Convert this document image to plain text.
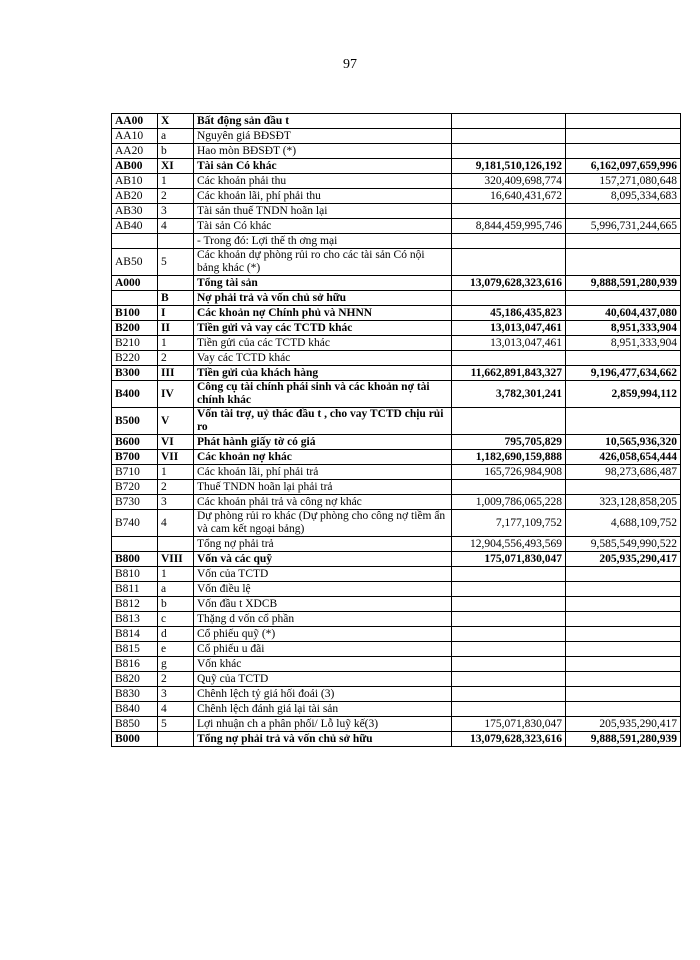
97
AA00	X	Bất động sản đầu t		
AA10	a	Nguyên giá BĐSĐT		
AA20	b	Hao mòn BĐSĐT (*)		
AB00	XI	Tài sản Có khác	9,181,510,126,192	6,162,097,659,996
AB10	1	Các khoản phải thu	320,409,698,774	157,271,080,648
AB20	2	Các khoản lãi, phí phải thu	16,640,431,672	8,095,334,683
AB30	3	Tài sản thuế TNDN hoãn lại		
AB40	4	Tài sản Có khác	8,844,459,995,746	5,996,731,244,665
		- Trong đó: Lợi thế th ơng mại		
AB50	5	Các khoản dự phòng rủi ro cho các tài sản Có nội bảng khác (*)		
A000		Tổng tài sản	13,079,628,323,616	9,888,591,280,939
	B	Nợ phải trả và vốn chủ sở hữu		
B100	I	Các khoản nợ Chính phủ và NHNN	45,186,435,823	40,604,437,080
B200	II	Tiền gửi và vay các TCTD khác	13,013,047,461	8,951,333,904
B210	1	Tiền gửi của các TCTD khác	13,013,047,461	8,951,333,904
B220	2	Vay các TCTD khác		
B300	III	Tiền gửi của khách hàng	11,662,891,843,327	9,196,477,634,662
B400	IV	Công cụ tài chính phái sinh và các khoản nợ tài chính khác	3,782,301,241	2,859,994,112
B500	V	Vốn tài trợ, uỷ thác đầu t , cho vay TCTD chịu rủi ro		
B600	VI	Phát hành giấy tờ có giá	795,705,829	10,565,936,320
B700	VII	Các khoản nợ khác	1,182,690,159,888	426,058,654,444
B710	1	Các khoản lãi, phí phải trả	165,726,984,908	98,273,686,487
B720	2	Thuế TNDN hoãn lại phải trả		
B730	3	Các khoản phải trả và công nợ khác	1,009,786,065,228	323,128,858,205
B740	4	Dự phòng rủi ro khác (Dự phòng cho công nợ tiềm ẩn và cam kết ngoại bảng)	7,177,109,752	4,688,109,752
		Tổng nợ phải trả	12,904,556,493,569	9,585,549,990,522
B800	VIII	Vốn và các quỹ	175,071,830,047	205,935,290,417
B810	1	Vốn của TCTD		
B811	a	Vốn điều lệ		
B812	b	Vốn đầu t XDCB		
B813	c	Thặng d vốn cổ phần		
B814	d	Cổ phiếu quỹ (*)		
B815	e	Cổ phiếu u đãi		
B816	g	Vốn khác		
B820	2	Quỹ của TCTD		
B830	3	Chênh lệch tỷ giá hối đoái (3)		
B840	4	Chênh lệch đánh giá lại tài sản		
B850	5	Lợi nhuận ch a phân phối/ Lỗ luỹ kế(3)	175,071,830,047	205,935,290,417
B000		Tổng nợ phải trả và vốn chủ sở hữu	13,079,628,323,616	9,888,591,280,939
